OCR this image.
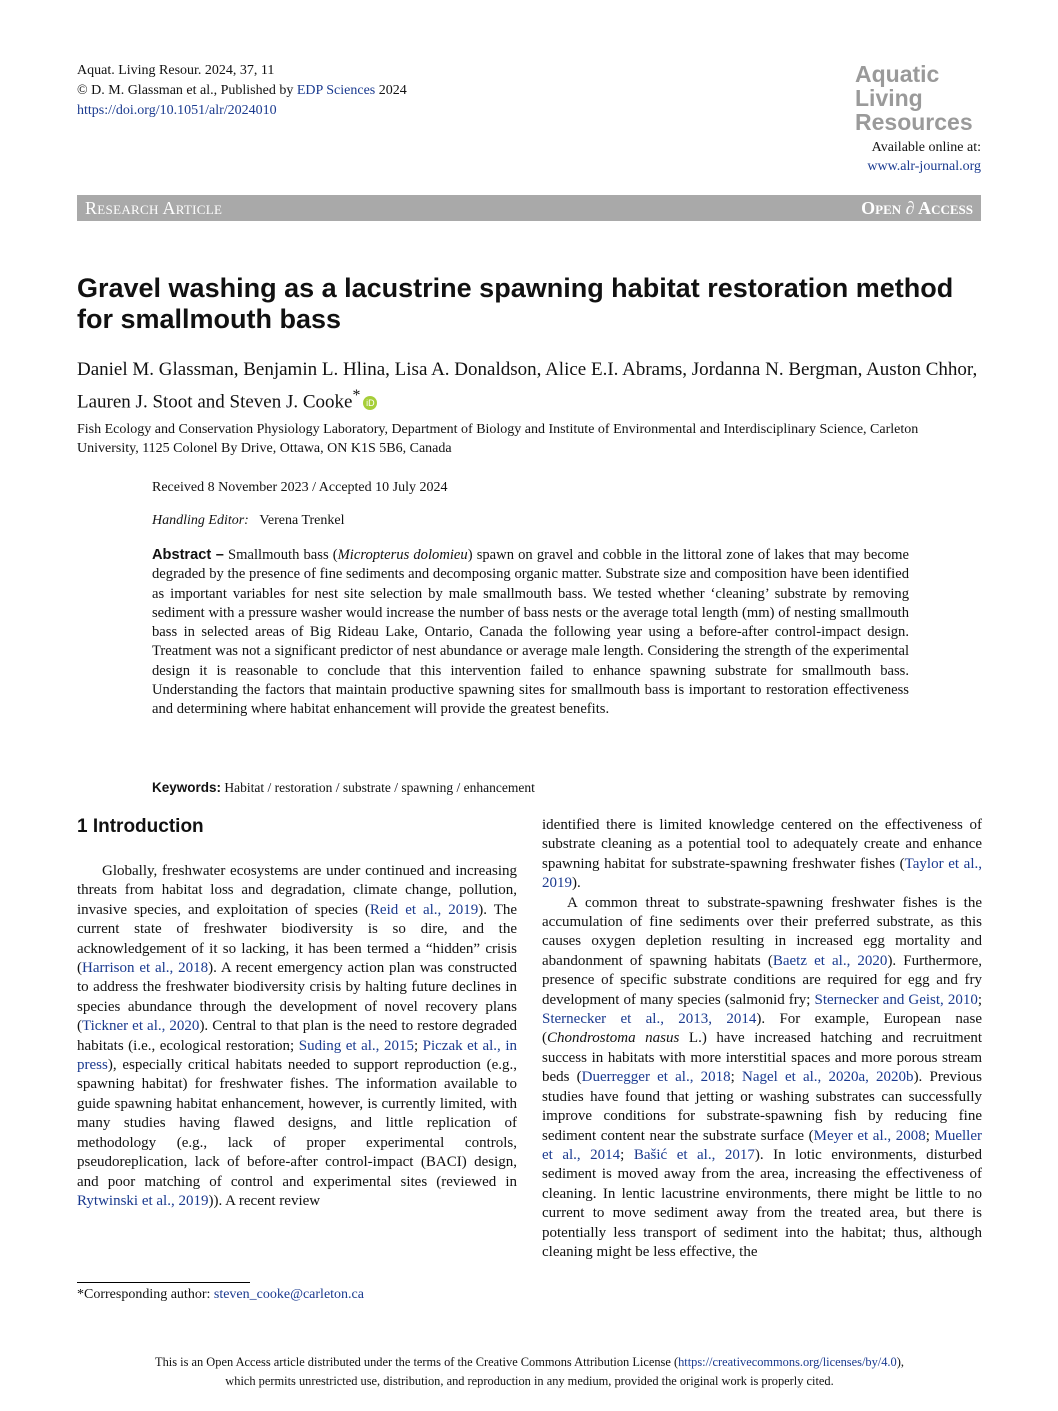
Aquat. Living Resour. 2024, 37, 11
© D. M. Glassman et al., Published by EDP Sciences 2024
https://doi.org/10.1051/alr/2024010
Aquatic
Living
Resources
Available online at:
www.alr-journal.org
Research Article	Open ∂ Access
Gravel washing as a lacustrine spawning habitat restoration method for smallmouth bass
Daniel M. Glassman, Benjamin L. Hlina, Lisa A. Donaldson, Alice E.I. Abrams, Jordanna N. Bergman, Auston Chhor, Lauren J. Stoot and Steven J. Cooke* iD
Fish Ecology and Conservation Physiology Laboratory, Department of Biology and Institute of Environmental and Interdisciplinary Science, Carleton University, 1125 Colonel By Drive, Ottawa, ON K1S 5B6, Canada
Received 8 November 2023 / Accepted 10 July 2024
Handling Editor: Verena Trenkel
Abstract – Smallmouth bass (Micropterus dolomieu) spawn on gravel and cobble in the littoral zone of lakes that may become degraded by the presence of fine sediments and decomposing organic matter. Substrate size and composition have been identified as important variables for nest site selection by male smallmouth bass. We tested whether ‘cleaning’ substrate by removing sediment with a pressure washer would increase the number of bass nests or the average total length (mm) of nesting smallmouth bass in selected areas of Big Rideau Lake, Ontario, Canada the following year using a before-after control-impact design. Treatment was not a significant predictor of nest abundance or average male length. Considering the strength of the experimental design it is reasonable to conclude that this intervention failed to enhance spawning substrate for smallmouth bass. Understanding the factors that maintain productive spawning sites for smallmouth bass is important to restoration effectiveness and determining where habitat enhancement will provide the greatest benefits.
Keywords: Habitat / restoration / substrate / spawning / enhancement
1 Introduction

Globally, freshwater ecosystems are under continued and increasing threats from habitat loss and degradation, climate change, pollution, invasive species, and exploitation of species (Reid et al., 2019). The current state of freshwater biodiversity is so dire, and the acknowledgement of it so lacking, it has been termed a “hidden” crisis (Harrison et al., 2018). A recent emergency action plan was constructed to address the freshwater biodiversity crisis by halting future declines in species abundance through the development of novel recovery plans (Tickner et al., 2020). Central to that plan is the need to restore degraded habitats (i.e., ecological restoration; Suding et al., 2015; Piczak et al., in press), especially critical habitats needed to support reproduction (e.g., spawning habitat) for freshwater fishes. The information available to guide spawning habitat enhancement, however, is currently limited, with many studies having flawed designs, and little replication of methodology (e.g., lack of proper experimental controls, pseudoreplication, lack of before-after control-impact (BACI) design, and poor matching of control and experimental sites (reviewed in Rytwinski et al., 2019)). A recent review

identified there is limited knowledge centered on the effectiveness of substrate cleaning as a potential tool to adequately create and enhance spawning habitat for substrate-spawning freshwater fishes (Taylor et al., 2019).

A common threat to substrate-spawning freshwater fishes is the accumulation of fine sediments over their preferred substrate, as this causes oxygen depletion resulting in increased egg mortality and abandonment of spawning habitats (Baetz et al., 2020). Furthermore, presence of specific substrate conditions are required for egg and fry development of many species (salmonid fry; Sternecker and Geist, 2010; Sternecker et al., 2013, 2014). For example, European nase (Chondrostoma nasus L.) have increased hatching and recruitment success in habitats with more interstitial spaces and more porous stream beds (Duerregger et al., 2018; Nagel et al., 2020a, 2020b). Previous studies have found that jetting or washing substrates can successfully improve conditions for substrate-spawning fish by reducing fine sediment content near the substrate surface (Meyer et al., 2008; Mueller et al., 2014; Bašić et al., 2017). In lotic environments, disturbed sediment is moved away from the area, increasing the effectiveness of cleaning. In lentic lacustrine environments, there might be little to no current to move sediment away from the treated area, but there is potentially less transport of sediment into the habitat; thus, although cleaning might be less effective, the

*Corresponding author: steven_cooke@carleton.ca
This is an Open Access article distributed under the terms of the Creative Commons Attribution License (https://creativecommons.org/licenses/by/4.0),
which permits unrestricted use, distribution, and reproduction in any medium, provided the original work is properly cited.
